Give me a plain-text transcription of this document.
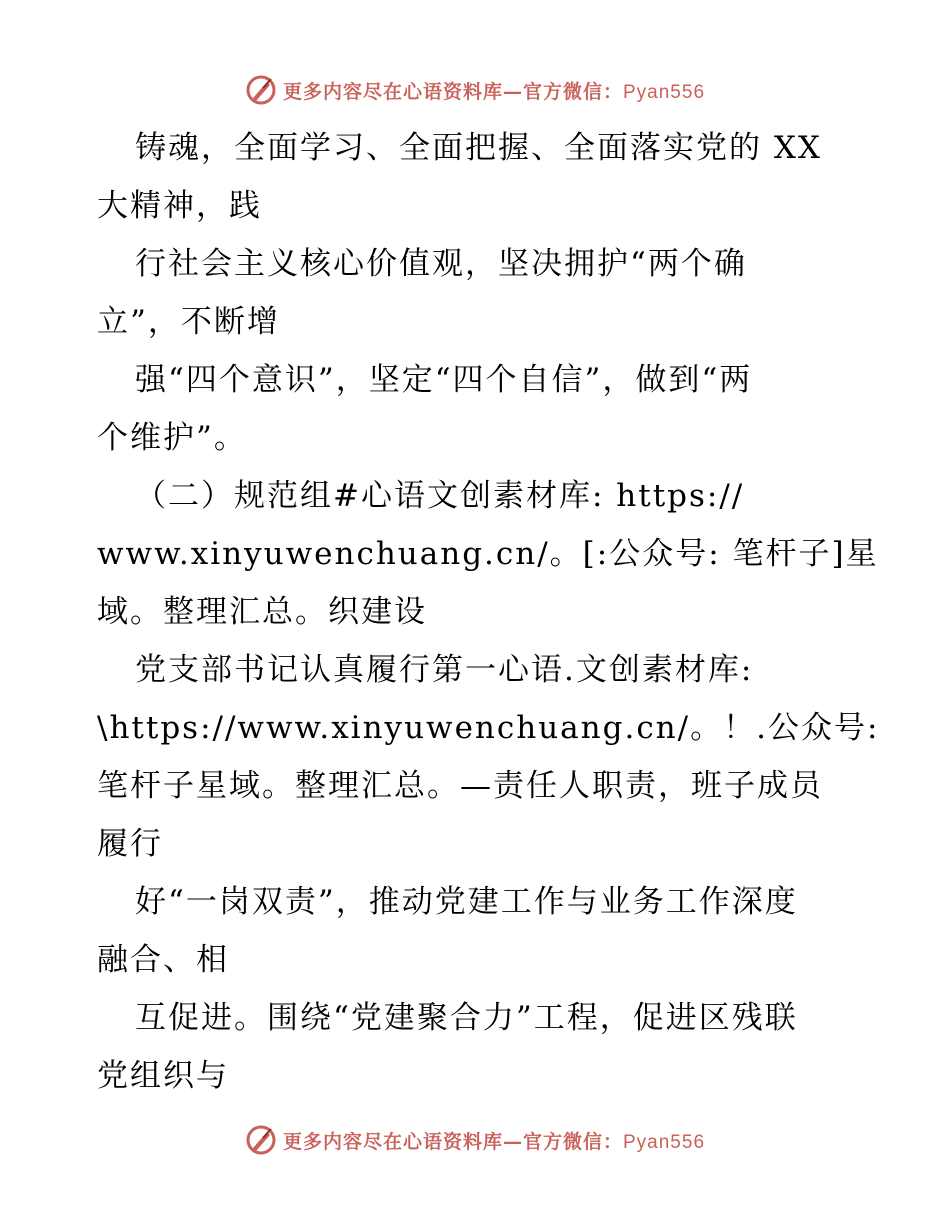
更多内容尽在心语资料库—官方微信：Pyan556
铸魂，全面学习、全面把握、全面落实党的 XX
大精神，践
行社会主义核心价值观，坚决拥护“两个确
立”，不断增
强“四个意识”，坚定“四个自信”，做到“两
个维护”。
（二）规范组#心语文创素材库: https://
www.xinyuwenchuang.cn/。[:公众号: 笔杆子]星
域。整理汇总。织建设
党支部书记认真履行第一心语.文创素材库:
\https://www.xinyuwenchuang.cn/。！.公众号:
笔杆子星域。整理汇总。—责任人职责，班子成员
履行
好“一岗双责”，推动党建工作与业务工作深度
融合、相
互促进。围绕“党建聚合力”工程，促进区残联
党组织与
更多内容尽在心语资料库—官方微信：Pyan556
